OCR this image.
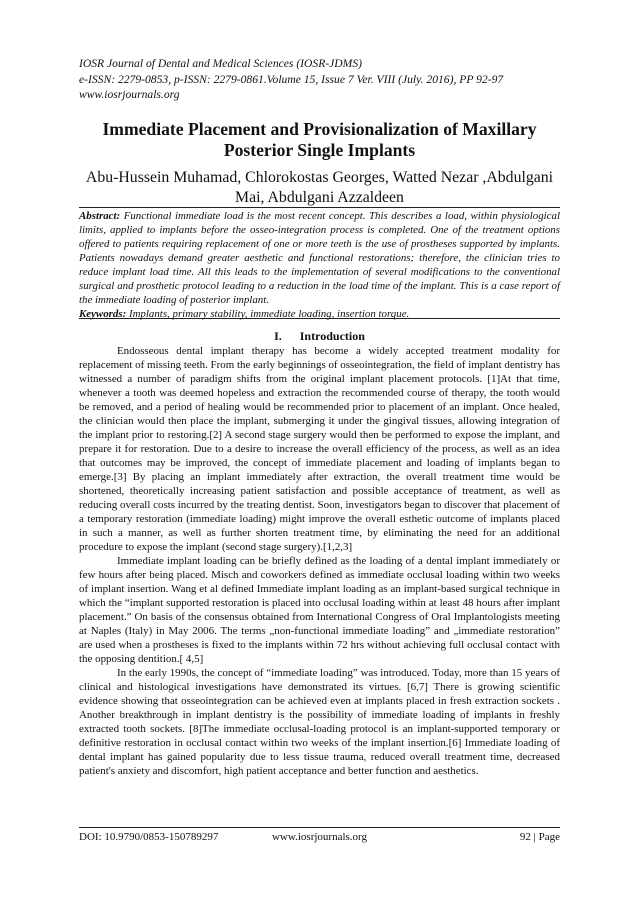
IOSR Journal of Dental and Medical Sciences (IOSR-JDMS)
e-ISSN: 2279-0853, p-ISSN: 2279-0861.Volume 15, Issue 7 Ver. VIII (July. 2016), PP 92-97
www.iosrjournals.org
Immediate Placement and Provisionalization of Maxillary Posterior Single Implants
Abu-Hussein Muhamad, Chlorokostas Georges, Watted Nezar ,Abdulgani Mai, Abdulgani Azzaldeen

Abstract: Functional immediate load is the most recent concept. This describes a load, within physiological limits, applied to implants before the osseo-integration process is completed. One of the treatment options offered to patients requiring replacement of one or more teeth is the use of prostheses supported by implants. Patients nowadays demand greater aesthetic and functional restorations; therefore, the clinician tries to reduce implant load time. All this leads to the implementation of several modifications to the conventional surgical and prosthetic protocol leading to a reduction in the load time of the implant. This is a case report of the immediate loading of posterior implant.

Keywords: Implants, primary stability, immediate loading, insertion torque.

I. Introduction

Endosseous dental implant therapy has become a widely accepted treatment modality for replacement of missing teeth. From the early beginnings of osseointegration, the field of implant dentistry has witnessed a number of paradigm shifts from the original implant placement protocols. [1]At that time, whenever a tooth was deemed hopeless and extraction the recommended course of therapy, the tooth would be removed, and a period of healing would be recommended prior to placement of an implant. Once healed, the clinician would then place the implant, submerging it under the gingival tissues, allowing integration of the implant prior to restoring.[2] A second stage surgery would then be performed to expose the implant, and prepare it for restoration. Due to a desire to increase the overall efficiency of the process, as well as an idea that outcomes may be improved, the concept of immediate placement and loading of implants began to emerge.[3] By placing an implant immediately after extraction, the overall treatment time would be shortened, theoretically increasing patient satisfaction and possible acceptance of treatment, as well as reducing overall costs incurred by the treating dentist. Soon, investigators began to discover that placement of a temporary restoration (immediate loading) might improve the overall esthetic outcome of implants placed in such a manner, as well as further shorten treatment time, by eliminating the need for an additional procedure to expose the implant (second stage surgery).[1,2,3]

Immediate implant loading can be briefly defined as the loading of a dental implant immediately or few hours after being placed. Misch and coworkers defined as immediate occlusal loading within two weeks of implant insertion. Wang et al defined Immediate implant loading as an implant-based surgical technique in which the “implant supported restoration is placed into occlusal loading within at least 48 hours after implant placement.” On basis of the consensus obtained from International Congress of Oral Implantologists meeting at Naples (Italy) in May 2006. The terms „non-functional immediate loading” and „immediate restoration” are used when a prostheses is fixed to the implants within 72 hrs without achieving full occlusal contact with the opposing dentition.[ 4,5]

In the early 1990s, the concept of “immediate loading” was introduced. Today, more than 15 years of clinical and histological investigations have demonstrated its virtues. [6,7] There is growing scientific evidence showing that osseointegration can be achieved even at implants placed in fresh extraction sockets . Another breakthrough in implant dentistry is the possibility of immediate loading of implants in freshly extracted tooth sockets. [8]The immediate occlusal-loading protocol is an implant-supported temporary or definitive restoration in occlusal contact within two weeks of the implant insertion.[6] Immediate loading of dental implant has gained popularity due to less tissue trauma, reduced overall treatment time, decreased patient's anxiety and discomfort, high patient acceptance and better function and aesthetics.

DOI: 10.9790/0853-150789297	www.iosrjournals.org	92 | Page
